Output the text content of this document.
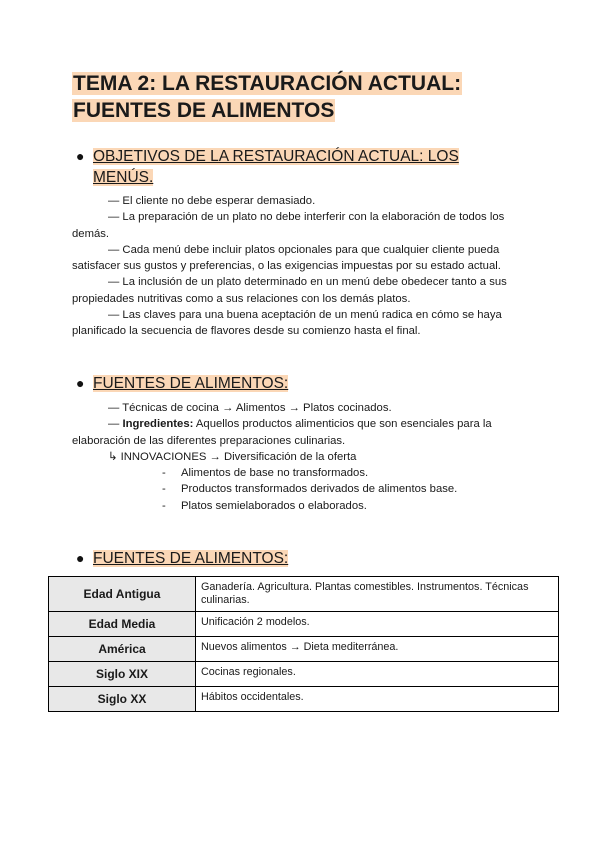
TEMA 2: LA RESTAURACIÓN ACTUAL:
FUENTES DE ALIMENTOS
● OBJETIVOS DE LA RESTAURACIÓN ACTUAL: LOS
MENÚS.

— El cliente no debe esperar demasiado.

— La preparación de un plato no debe interferir con la elaboración de todos los demás.

— Cada menú debe incluir platos opcionales para que cualquier cliente pueda satisfacer sus gustos y preferencias, o las exigencias impuestas por su estado actual.

— La inclusión de un plato determinado en un menú debe obedecer tanto a sus propiedades nutritivas como a sus relaciones con los demás platos.

— Las claves para una buena aceptación de un menú radica en cómo se haya planificado la secuencia de flavores desde su comienzo hasta el final.

● FUENTES DE ALIMENTOS:

— Técnicas de cocina → Alimentos → Platos cocinados.

— Ingredientes: Aquellos productos alimenticios que son esenciales para la elaboración de las diferentes preparaciones culinarias.

↳ INNOVACIONES → Diversificación de la oferta

-	Alimentos de base no transformados.
-	Productos transformados derivados de alimentos base.
-	Platos semielaborados o elaborados.
● FUENTES DE ALIMENTOS:
Edad Antigua	Ganadería. Agricultura. Plantas comestibles. Instrumentos. Técnicas culinarias.
Edad Media	Unificación 2 modelos.
América	Nuevos alimentos → Dieta mediterránea.
Siglo XIX	Cocinas regionales.
Siglo XX	Hábitos occidentales.
